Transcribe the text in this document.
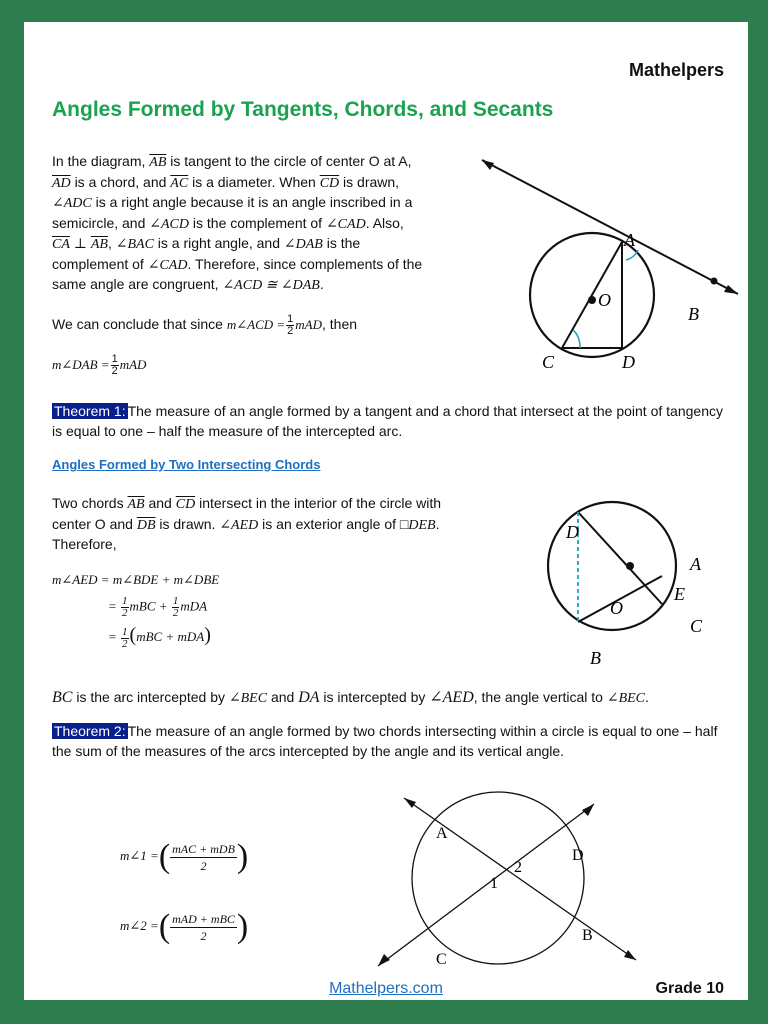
Mathelpers
Angles Formed by Tangents, Chords, and Secants
In the diagram, $\overline{AB}$ is tangent to the circle of center O at A,
$\overline{AD}$ is a chord, and $\overline{AC}$ is a diameter. When $\overline{CD}$ is drawn,
∠ADC is a right angle because it is an angle inscribed in a
semicircle, and ∠ACD is the complement of ∠CAD. Also,
$\overline{CA}$ ⊥ $\overline{AB}$, ∠BAC is a right angle, and ∠DAB is the
complement of ∠CAD. Therefore, since complements of the
same angle are congruent, ∠ACD ≅ ∠DAB.
We can conclude that since m∠ACD = $\frac{1}{2}$ mAD, then
m∠DAB = $\frac{1}{2}$ mAD
A
B
C	D
O
Theorem 1: The measure of an angle formed by a tangent and a chord that intersect at the point of tangency is equal to one – half the measure of the intercepted arc.
Angles Formed by Two Intersecting Chords
Two chords $\overline{AB}$ and $\overline{CD}$ intersect in the interior of the circle with
center O and $\overline{DB}$ is drawn. ∠AED is an exterior angle of □DEB.
Therefore,
m∠AED = m∠BDE + m∠DBE
= $\frac{1}{2}$ mBC + $\frac{1}{2}$ mDA
= $\frac{1}{2} (mBC + mDA)$
D
A
E
C
O
B
BC is the arc intercepted by ∠BEC and DA is intercepted by ∠AED, the angle vertical to ∠BEC.
Theorem 2: The measure of an angle formed by two chords intersecting within a circle is equal to one – half the sum of the measures of the arcs intercepted by the angle and its vertical angle.
m∠1 =( $\frac{\text{mAC + mDB}}{2}$ )
m∠2 =( $\frac{\text{mAD + mBC}}{2}$ )
A
D
1
2
C
B
Mathelpers.com	Grade 10
